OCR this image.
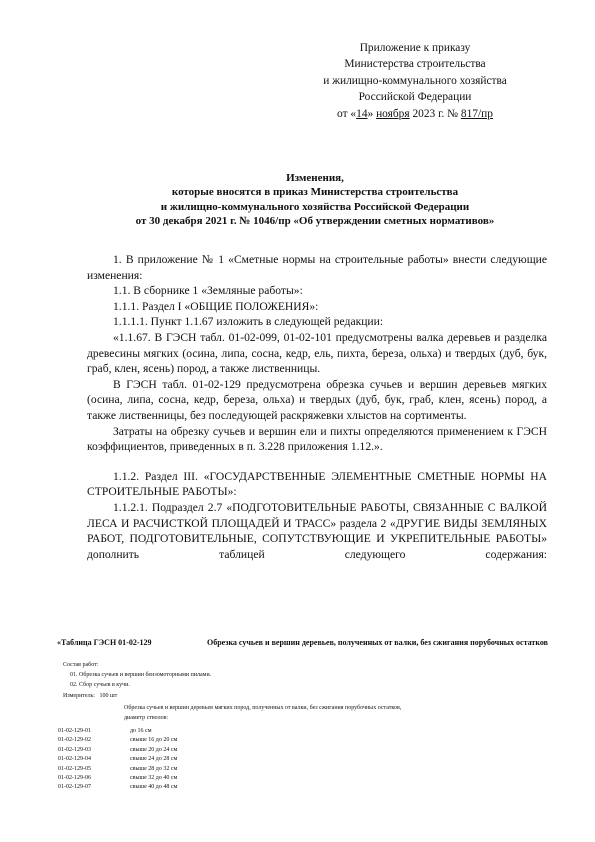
Приложение к приказу
Министерства строительства
и жилищно-коммунального хозяйства
Российской Федерации
от «14» ноября 2023 г. № 817/пр
Изменения,
которые вносятся в приказ Министерства строительства
и жилищно-коммунального хозяйства Российской Федерации
от 30 декабря 2021 г. № 1046/пр «Об утверждении сметных нормативов»

1. В приложение № 1 «Сметные нормы на строительные работы» внести следующие изменения:

1.1. В сборнике 1 «Земляные работы»:

1.1.1. Раздел I «ОБЩИЕ ПОЛОЖЕНИЯ»:

1.1.1.1. Пункт 1.1.67 изложить в следующей редакции:

«1.1.67. В ГЭСН табл. 01-02-099, 01-02-101 предусмотрены валка деревьев и разделка древесины мягких (осина, липа, сосна, кедр, ель, пихта, береза, ольха) и твердых (дуб, бук, граб, клен, ясень) пород, а также лиственницы.

В ГЭСН табл. 01-02-129 предусмотрена обрезка сучьев и вершин деревьев мягких (осина, липа, сосна, кедр, береза, ольха) и твердых (дуб, бук, граб, клен, ясень) пород, а также лиственницы, без последующей раскряжевки хлыстов на сортименты.

Затраты на обрезку сучьев и вершин ели и пихты определяются применением к ГЭСН коэффициентов, приведенных в п. 3.228 приложения 1.12.».

1.1.2. Раздел III. «ГОСУДАРСТВЕННЫЕ ЭЛЕМЕНТНЫЕ СМЕТНЫЕ НОРМЫ НА СТРОИТЕЛЬНЫЕ РАБОТЫ»:

1.1.2.1. Подраздел 2.7 «ПОДГОТОВИТЕЛЬНЫЕ РАБОТЫ, СВЯЗАННЫЕ С ВАЛКОЙ ЛЕСА И РАСЧИСТКОЙ ПЛОЩАДЕЙ И ТРАСС» раздела 2 «ДРУГИЕ ВИДЫ ЗЕМЛЯНЫХ РАБОТ, ПОДГОТОВИТЕЛЬНЫЕ, СОПУТСТВУЮЩИЕ И УКРЕПИТЕЛЬНЫЕ РАБОТЫ» дополнить таблицей следующего содержания:

«Таблица ГЭСН 01-02-129	Обрезка сучьев и вершин деревьев, полученных от валки, без сжигания порубочных остатков
Состав работ:
01. Обрезка сучьев и вершин бензомоторными пилами.
02. Сбор сучьев в кучи.
Измеритель: 100 шт
Обрезка сучьев и вершин деревьев мягких пород, полученных от валки, без сжигания порубочных остатков,
диаметр стволов:
01-02-129-01	до 16 см
01-02-129-02	свыше 16 до 20 см
01-02-129-03	свыше 20 до 24 см
01-02-129-04	свыше 24 до 28 см
01-02-129-05	свыше 28 до 32 см
01-02-129-06	свыше 32 до 40 см
01-02-129-07	свыше 40 до 48 см
